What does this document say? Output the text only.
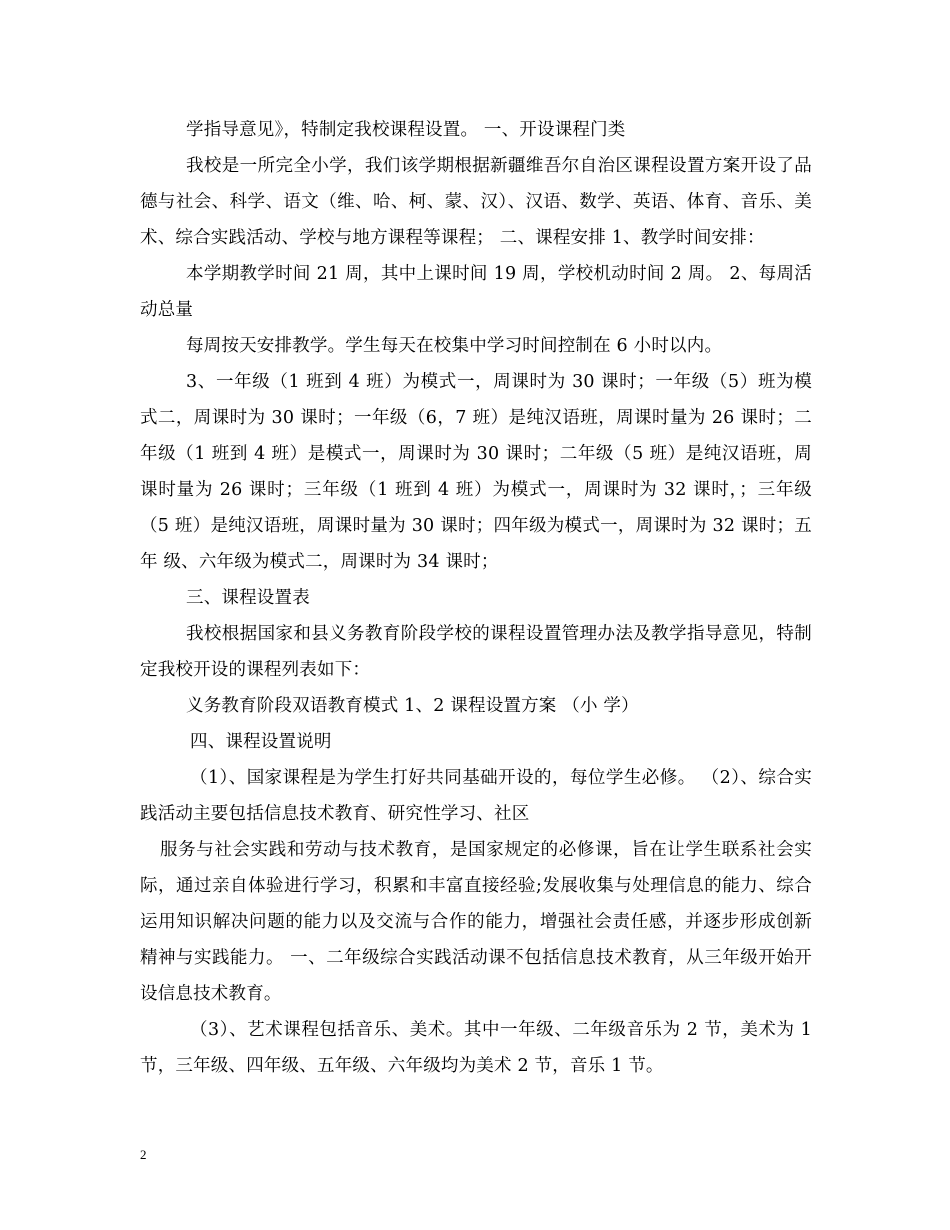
学指导意见》，特制定我校课程设置。 一、开设课程门类

我校是一所完全小学，我们该学期根据新疆维吾尔自治区课程设置方案开设了品德与社会、科学、语文（维、哈、柯、蒙、汉）、汉语、数学、英语、体育、音乐、美术、综合实践活动、学校与地方课程等课程； 二、课程安排 1、教学时间安排：

本学期教学时间 21 周，其中上课时间 19 周，学校机动时间 2 周。 2、每周活动总量

每周按天安排教学。学生每天在校集中学习时间控制在 6 小时以内。

3、一年级（1 班到 4 班）为模式一，周课时为 30 课时；一年级（5）班为模式二，周课时为 30 课时；一年级（6，7 班）是纯汉语班，周课时量为 26 课时；二年级（1 班到 4 班）是模式一，周课时为 30 课时；二年级（5 班）是纯汉语班，周课时量为 26 课时；三年级（1 班到 4 班）为模式一，周课时为 32 课时，；三年级（5 班）是纯汉语班，周课时量为 30 课时；四年级为模式一，周课时为 32 课时；五年 级、六年级为模式二，周课时为 34 课时；

三、课程设置表

我校根据国家和县义务教育阶段学校的课程设置管理办法及教学指导意见，特制定我校开设的课程列表如下：

义务教育阶段双语教育模式 1、2 课程设置方案 （小 学）

四、课程设置说明

（1）、国家课程是为学生打好共同基础开设的，每位学生必修。 （2）、综合实践活动主要包括信息技术教育、研究性学习、社区

服务与社会实践和劳动与技术教育，是国家规定的必修课，旨在让学生联系社会实际，通过亲自体验进行学习，积累和丰富直接经验;发展收集与处理信息的能力、综合运用知识解决问题的能力以及交流与合作的能力，增强社会责任感，并逐步形成创新精神与实践能力。 一、二年级综合实践活动课不包括信息技术教育，从三年级开始开设信息技术教育。

（3）、艺术课程包括音乐、美术。其中一年级、二年级音乐为 2 节，美术为 1 节，三年级、四年级、五年级、六年级均为美术 2 节，音乐 1 节。

2
